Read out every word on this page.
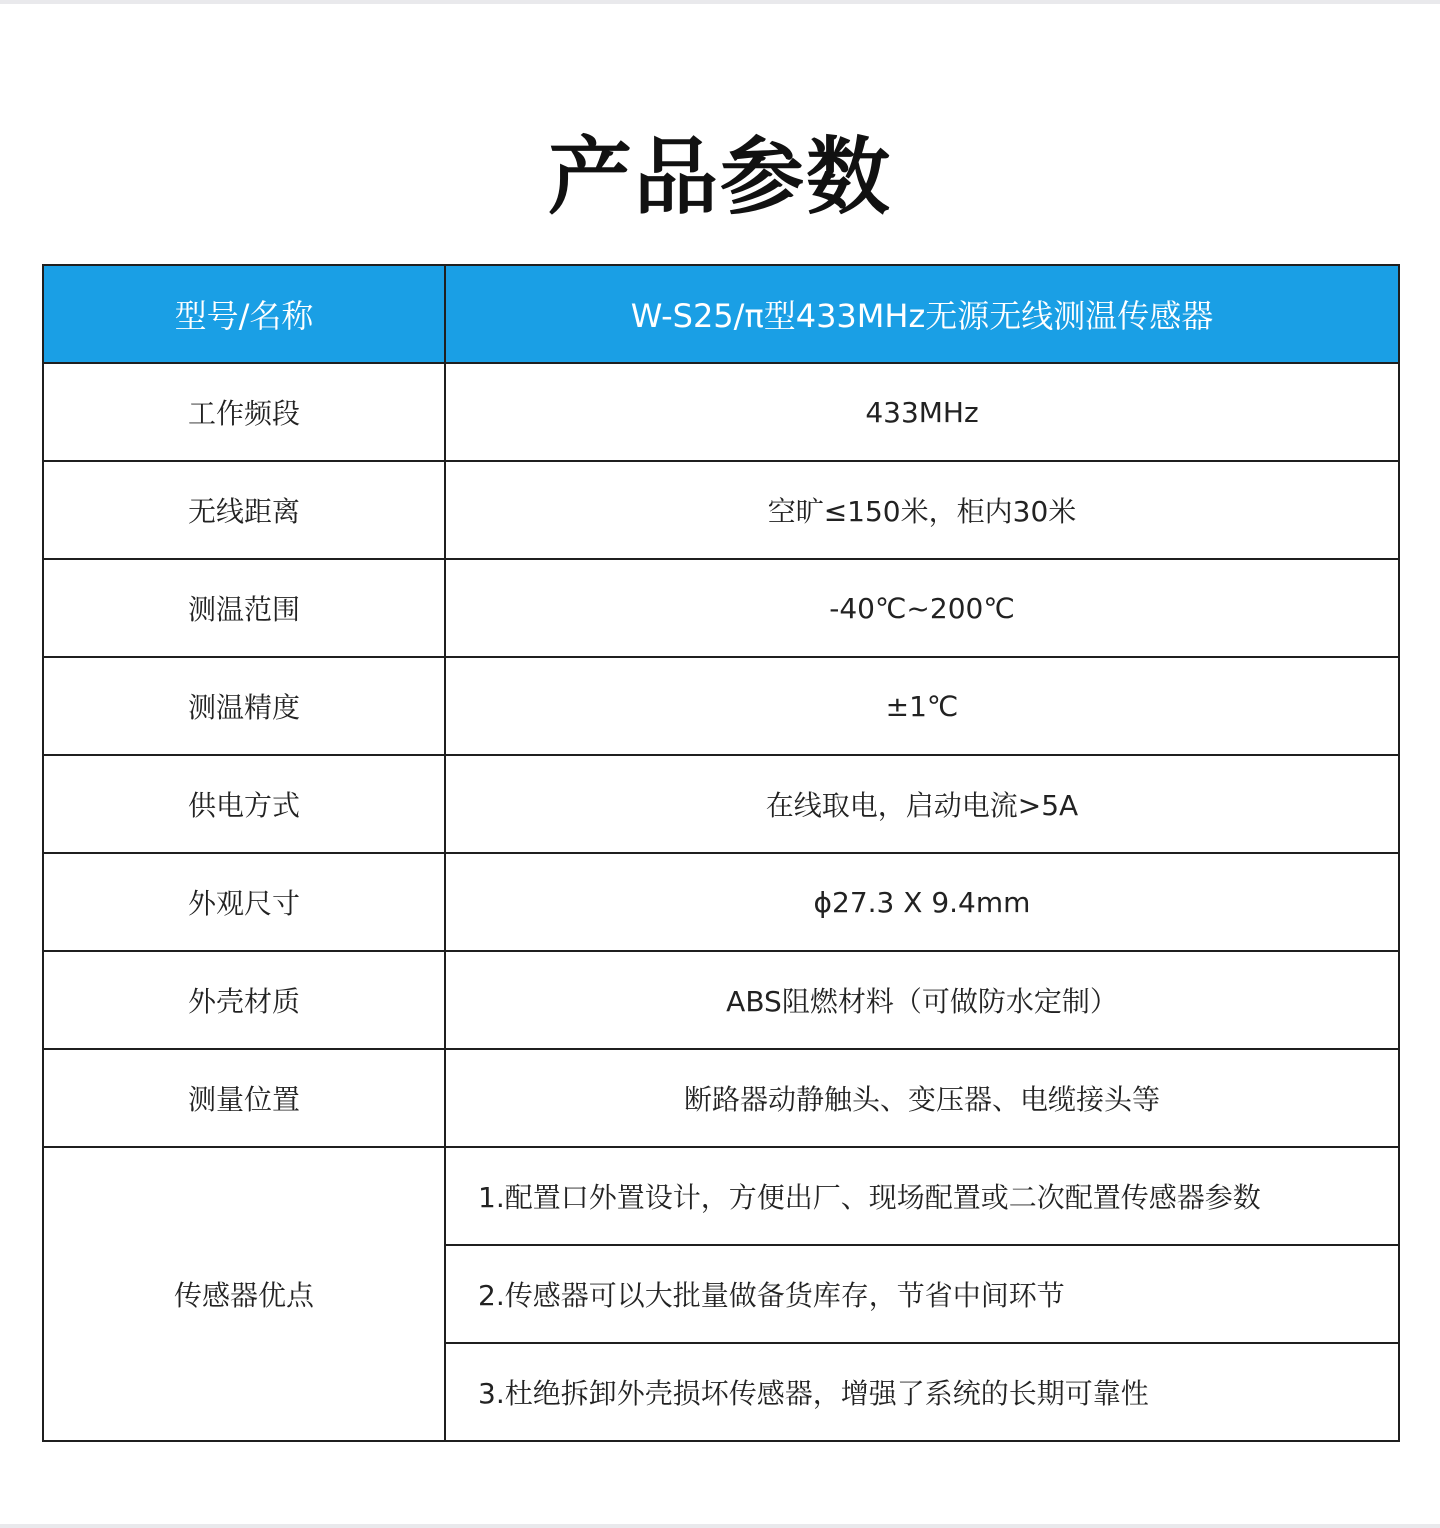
产品参数
型号/名称	W-S25/π型433MHz无源无线测温传感器
工作频段	433MHz
无线距离	空旷≤150米，柜内30米
测温范围	-40℃~200℃
测温精度	±1℃
供电方式	在线取电，启动电流>5A
外观尺寸	ϕ27.3 X 9.4mm
外壳材质	ABS阻燃材料（可做防水定制）
测量位置	断路器动静触头、变压器、电缆接头等
传感器优点	1.配置口外置设计，方便出厂、现场配置或二次配置传感器参数
	2.传感器可以大批量做备货库存，节省中间环节
	3.杜绝拆卸外壳损坏传感器，增强了系统的长期可靠性
